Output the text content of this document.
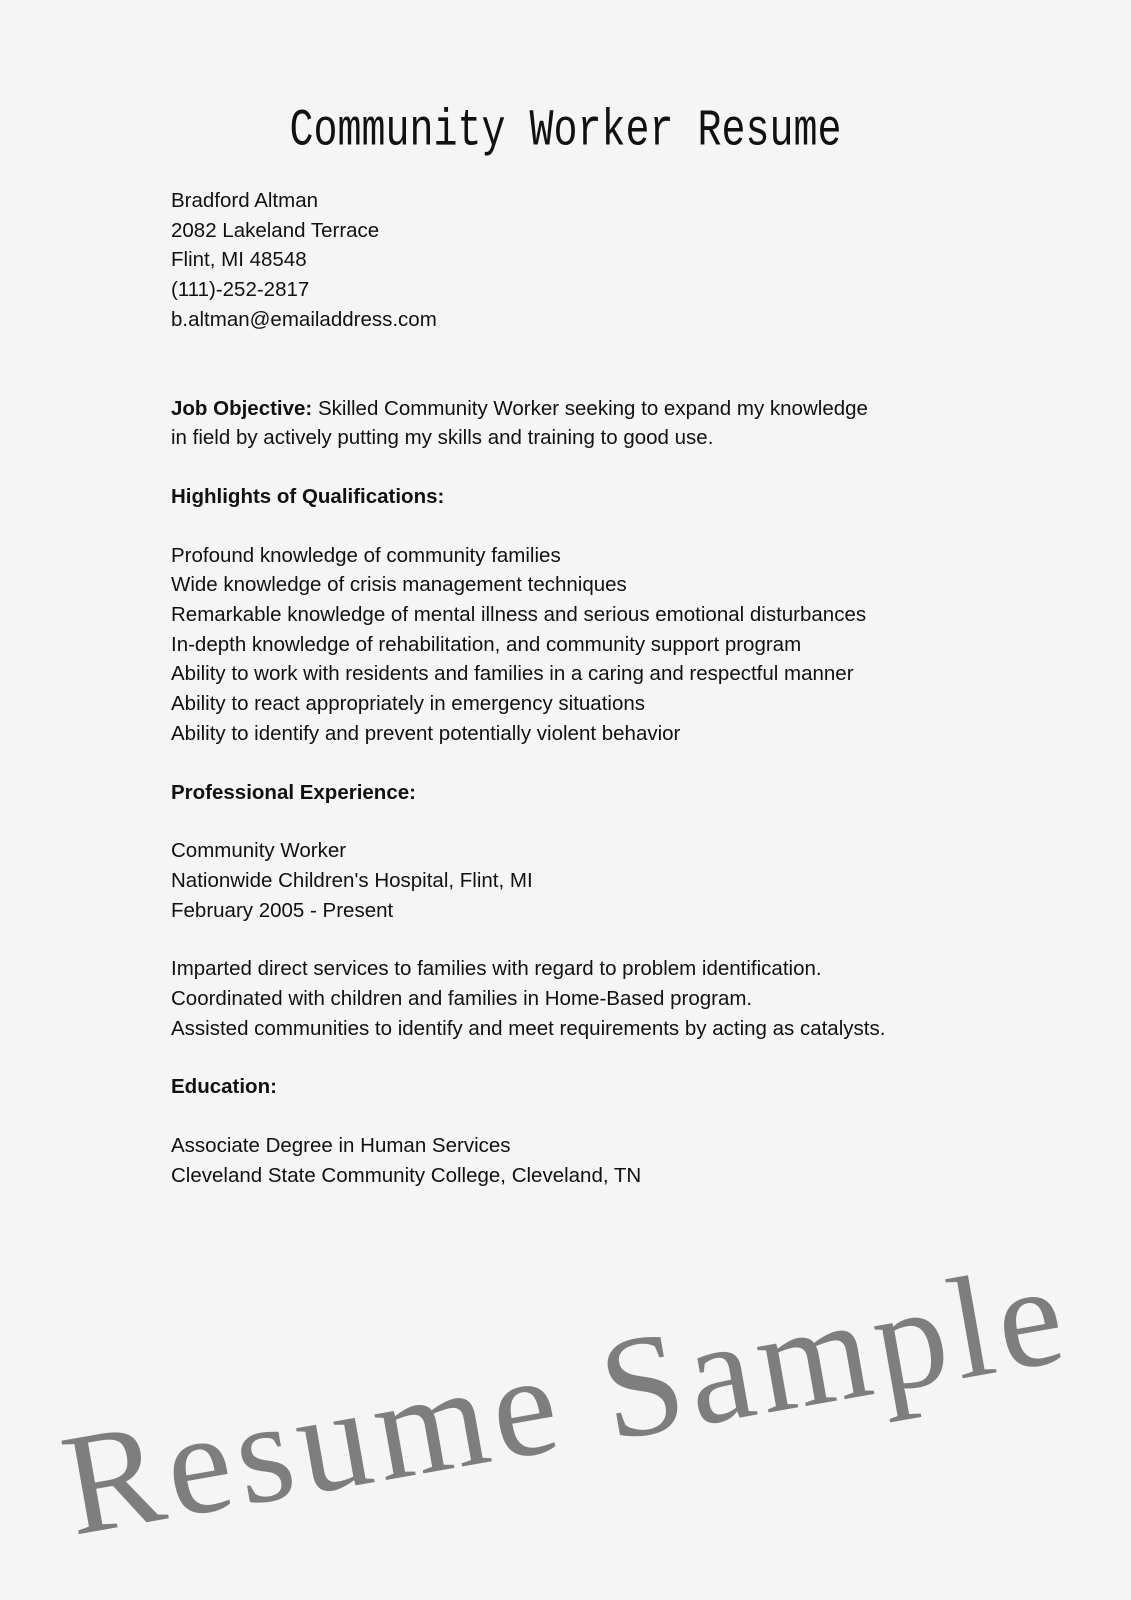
Community Worker Resume
Bradford Altman
2082 Lakeland Terrace
Flint, MI 48548
(111)-252-2817
b.altman@emailaddress.com
Job Objective: Skilled Community Worker seeking to expand my knowledge
in field by actively putting my skills and training to good use.
Highlights of Qualifications:
Profound knowledge of community families
Wide knowledge of crisis management techniques
Remarkable knowledge of mental illness and serious emotional disturbances
In-depth knowledge of rehabilitation, and community support program
Ability to work with residents and families in a caring and respectful manner
Ability to react appropriately in emergency situations
Ability to identify and prevent potentially violent behavior
Professional Experience:
Community Worker
Nationwide Children's Hospital, Flint, MI
February 2005 - Present
Imparted direct services to families with regard to problem identification.
Coordinated with children and families in Home-Based program.
Assisted communities to identify and meet requirements by acting as catalysts.
Education:
Associate Degree in Human Services
Cleveland State Community College, Cleveland, TN
Resume Sample
